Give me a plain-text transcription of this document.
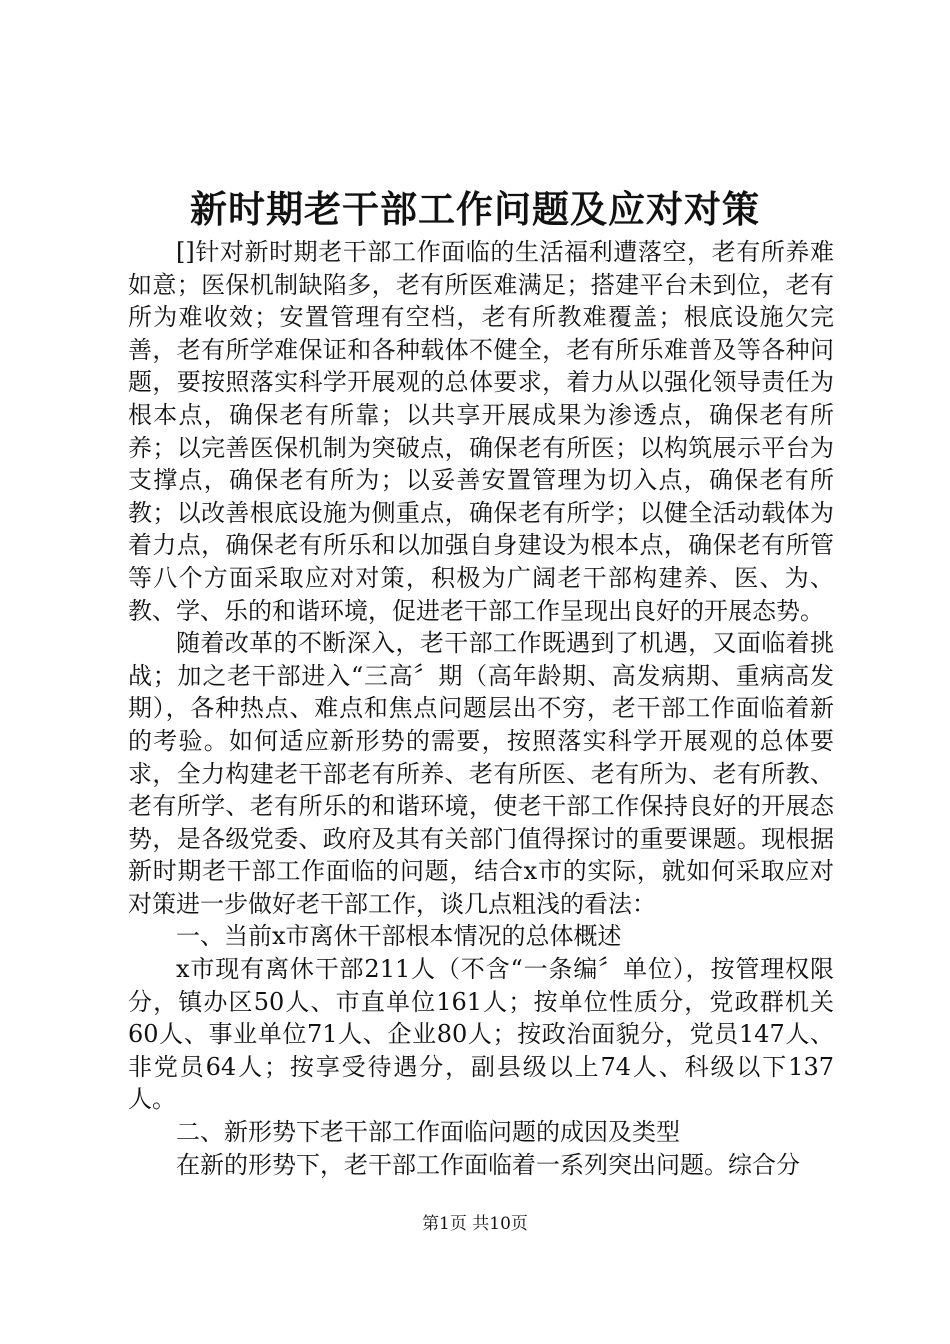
新时期老干部工作问题及应对对策

[]针对新时期老干部工作面临的生活福利遭落空，老有所养难如意；医保机制缺陷多，老有所医难满足；搭建平台未到位，老有所为难收效；安置管理有空档，老有所教难覆盖；根底设施欠完善，老有所学难保证和各种载体不健全，老有所乐难普及等各种问题，要按照落实科学开展观的总体要求，着力从以强化领导责任为根本点，确保老有所靠；以共享开展成果为渗透点，确保老有所养；以完善医保机制为突破点，确保老有所医；以构筑展示平台为支撑点，确保老有所为；以妥善安置管理为切入点，确保老有所教；以改善根底设施为侧重点，确保老有所学；以健全活动载体为着力点，确保老有所乐和以加强自身建设为根本点，确保老有所管等八个方面采取应对对策，积极为广阔老干部构建养、医、为、教、学、乐的和谐环境，促进老干部工作呈现出良好的开展态势。

随着改革的不断深入，老干部工作既遇到了机遇，又面临着挑战；加之老干部进入“三高〞期（高年龄期、高发病期、重病高发期），各种热点、难点和焦点问题层出不穷，老干部工作面临着新的考验。如何适应新形势的需要，按照落实科学开展观的总体要求，全力构建老干部老有所养、老有所医、老有所为、老有所教、老有所学、老有所乐的和谐环境，使老干部工作保持良好的开展态势，是各级党委、政府及其有关部门值得探讨的重要课题。现根据新时期老干部工作面临的问题，结合x市的实际，就如何采取应对对策进一步做好老干部工作，谈几点粗浅的看法：

一、当前x市离休干部根本情况的总体概述

x市现有离休干部211人（不含“一条编〞单位），按管理权限分，镇办区50人、市直单位161人；按单位性质分，党政群机关60人、事业单位71人、企业80人；按政治面貌分，党员147人、非党员64人；按享受待遇分，副县级以上74人、科级以下137人。

二、新形势下老干部工作面临问题的成因及类型

在新的形势下，老干部工作面临着一系列突出问题。综合分

第1页 共10页
